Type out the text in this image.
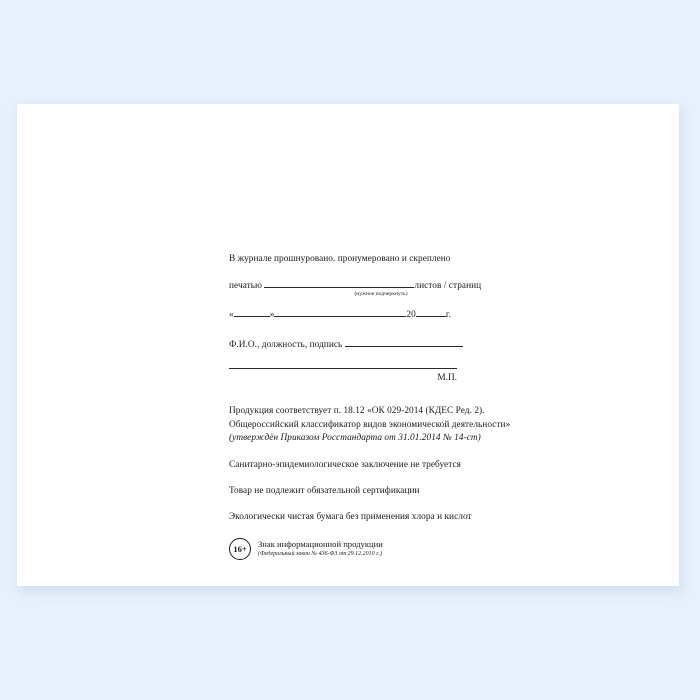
В журнале прошнуровано. пронумеровано и скреплено
печатью	листов / страниц
(нужное подчеркнуть)
«	»	20	г.
Ф.И.О., должность, подпись
М.П.
Продукция соответствует п. 18.12 «ОК 029-2014 (КДЕС Ред. 2).
Общероссийский классификатор видов экономической деятельности»
(утверждён Приказом Росстандарта от 31.01.2014 № 14-ст)
Санитарно-эпидемиологическое заключение не требуется
Товар не подлежит обязательной сертификации
Экологически чистая бумага без применения хлора и кислот
16+	Знак информационной продукции
(Федеральный закон № 436-ФЗ от 29.12.2010 г.)
